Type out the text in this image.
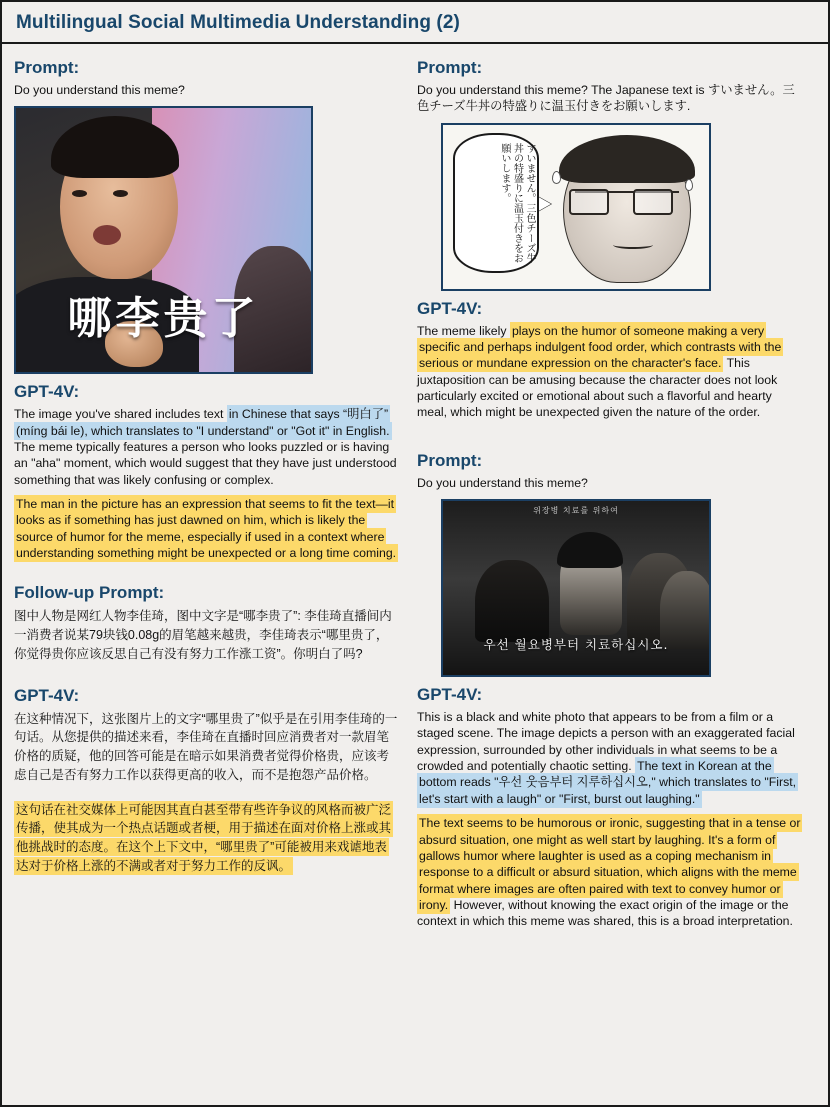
Multilingual Social Multimedia Understanding (2)
Prompt:

Do you understand this meme?

哪李贵了
GPT-4V:

The image you've shared includes text in Chinese that says “明白了” (míng bái le), which translates to "I understand" or "Got it" in English. The meme typically features a person who looks puzzled or is having an "aha" moment, which would suggest that they have just understood something that was likely confusing or complex.

The man in the picture has an expression that seems to fit the text—it looks as if something has just dawned on him, which is likely the source of humor for the meme, especially if used in a context where understanding something might be unexpected or a long time coming.

Follow-up Prompt:

图中人物是网红人物李佳琦，图中文字是“哪李贵了”: 李佳琦直播间内一消费者说某79块钱0.08g的眉笔越来越贵，李佳琦表示“哪里贵了，你觉得贵你应该反思自己有没有努力工作涨工资”。你明白了吗?

GPT-4V:

在这种情况下，这张图片上的文字“哪里贵了”似乎是在引用李佳琦的一句话。从您提供的描述来看，李佳琦在直播时回应消费者对一款眉笔价格的质疑，他的回答可能是在暗示如果消费者觉得价格贵，应该考虑自己是否有努力工作以获得更高的收入，而不是抱怨产品价格。

这句话在社交媒体上可能因其直白甚至带有些许争议的风格而被广泛传播，使其成为一个热点话题或者梗，用于描述在面对价格上涨或其他挑战时的态度。在这个上下文中，“哪里贵了”可能被用来戏谑地表达对于价格上涨的不满或者对于努力工作的反讽。

Prompt:

Do you understand this meme? The Japanese text is すいません。三色チーズ牛丼の特盛りに温玉付きをお願いします.

すいません。三色チーズ牛丼の特盛りに温玉付きをお願いします。
GPT-4V:

The meme likely plays on the humor of someone making a very specific and perhaps indulgent food order, which contrasts with the serious or mundane expression on the character's face. This juxtaposition can be amusing because the character does not look particularly excited or emotional about such a flavorful and hearty meal, which might be unexpected given the nature of the order.

Prompt:

Do you understand this meme?

위장병 치료를 위하여
우선 월요병부터 치료하십시오.
GPT-4V:

This is a black and white photo that appears to be from a film or a staged scene. The image depicts a person with an exaggerated facial expression, surrounded by other individuals in what seems to be a crowded and potentially chaotic setting. The text in Korean at the bottom reads "우선 웃음부터 지루하십시오," which translates to "First, let's start with a laugh" or "First, burst out laughing."

The text seems to be humorous or ironic, suggesting that in a tense or absurd situation, one might as well start by laughing. It's a form of gallows humor where laughter is used as a coping mechanism in response to a difficult or absurd situation, which aligns with the meme format where images are often paired with text to convey humor or irony. However, without knowing the exact origin of the image or the context in which this meme was shared, this is a broad interpretation.
